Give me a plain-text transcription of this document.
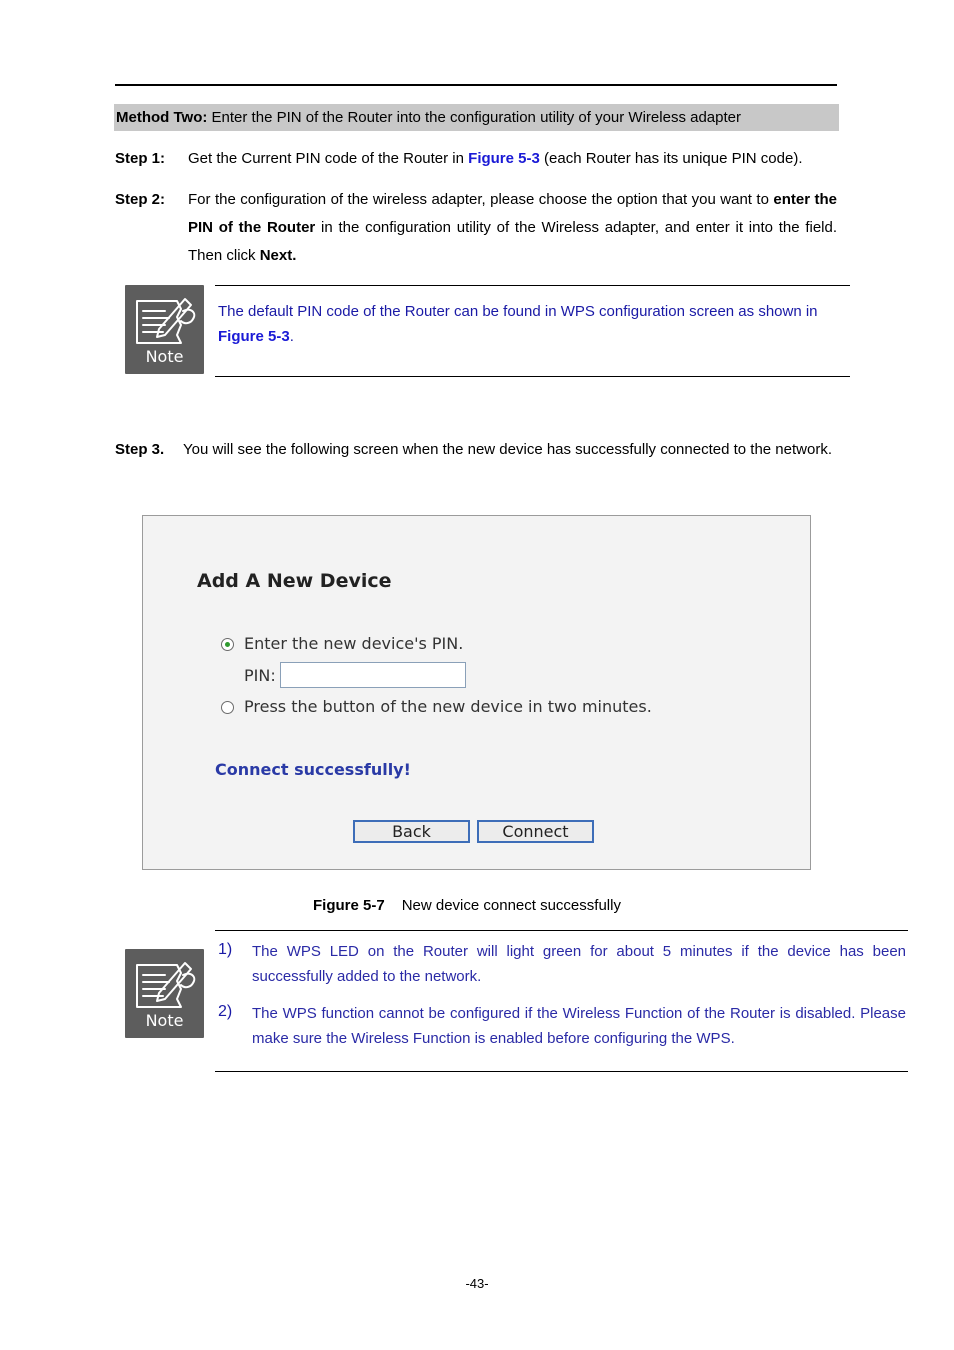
Method Two: Enter the PIN of the Router into the configuration utility of your Wireless adapter
Step 1: Get the Current PIN code of the Router in Figure 5-3 (each Router has its unique PIN code).
Step 2: For the configuration of the wireless adapter, please choose the option that you want to enter the PIN of the Router in the configuration utility of the Wireless adapter, and enter it into the field. Then click Next.
Note
The default PIN code of the Router can be found in WPS configuration screen as shown in Figure 5-3.
Step 3.	You will see the following screen when the new device has successfully connected to the network.
Add A New Device
Enter the new device's PIN.
PIN:
Press the button of the new device in two minutes.
Connect successfully!
Back	Connect
Figure 5-7 New device connect successfully
Note
1) The WPS LED on the Router will light green for about 5 minutes if the device has been successfully added to the network.
2) The WPS function cannot be configured if the Wireless Function of the Router is disabled. Please make sure the Wireless Function is enabled before configuring the WPS.
-43-
